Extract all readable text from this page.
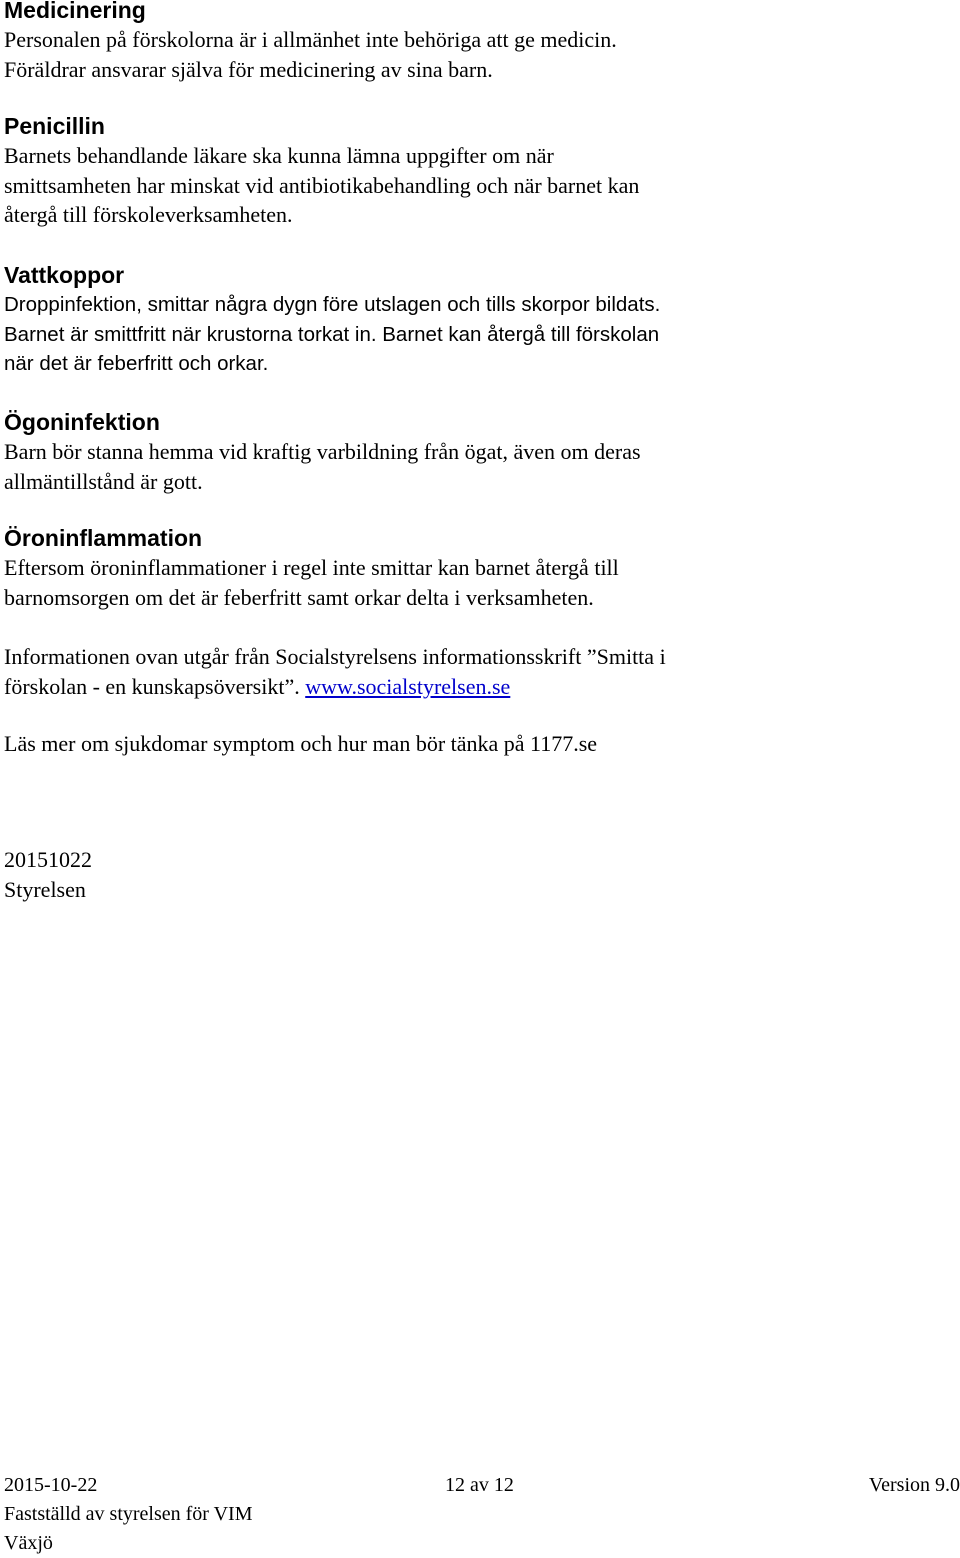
Medicinering
Personalen på förskolorna är i allmänhet inte behöriga att ge medicin.
Föräldrar ansvarar själva för medicinering av sina barn.
Penicillin
Barnets behandlande läkare ska kunna lämna uppgifter om när
smittsamheten har minskat vid antibiotikabehandling och när barnet kan
återgå till förskoleverksamheten.
Vattkoppor
Droppinfektion, smittar några dygn före utslagen och tills skorpor bildats.
Barnet är smittfritt när krustorna torkat in. Barnet kan återgå till förskolan
när det är feberfritt och orkar.
Ögoninfektion
Barn bör stanna hemma vid kraftig varbildning från ögat, även om deras
allmäntillstånd är gott.
Öroninflammation
Eftersom öroninflammationer i regel inte smittar kan barnet återgå till
barnomsorgen om det är feberfritt samt orkar delta i verksamheten.
Informationen ovan utgår från Socialstyrelsens informationsskrift ”Smitta i
förskolan - en kunskapsöversikt”. www.socialstyrelsen.se
Läs mer om sjukdomar symptom och hur man bör tänka på 1177.se
20151022
Styrelsen
2015-10-22	12 av 12	Version 9.0
Fastställd av styrelsen för VIM
Växjö
